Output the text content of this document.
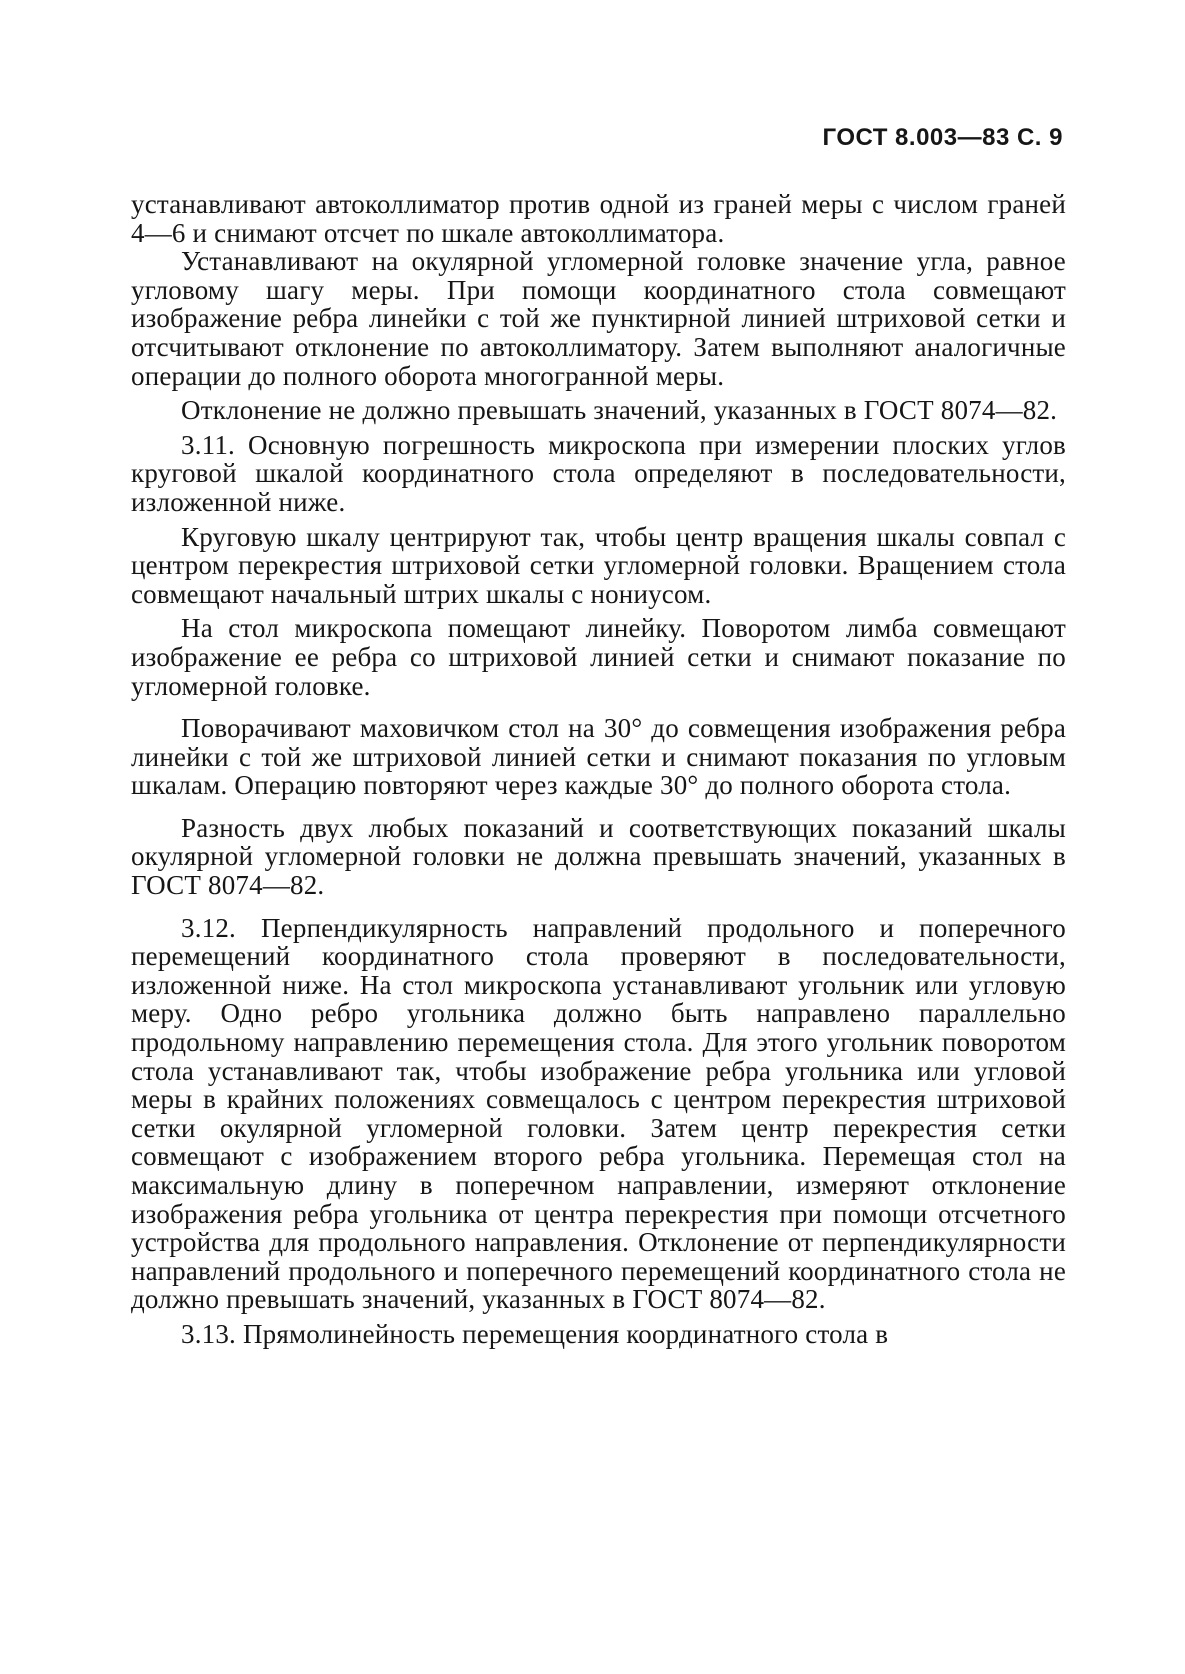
ГОСТ 8.003—83 С. 9

устанавливают автоколлиматор против одной из граней меры с числом граней 4—6 и снимают отсчет по шкале автоколлиматора.

Устанавливают на окулярной угломерной головке значение угла, равное угловому шагу меры. При помощи координатного стола совмещают изображение ребра линейки с той же пунктирной линией штриховой сетки и отсчитывают отклонение по автоколлиматору. Затем выполняют аналогичные операции до полного оборота многогранной меры.

Отклонение не должно превышать значений, указанных в ГОСТ 8074—82.

3.11. Основную погрешность микроскопа при измерении плоских углов круговой шкалой координатного стола определяют в последовательности, изложенной ниже.

Круговую шкалу центрируют так, чтобы центр вращения шкалы совпал с центром перекрестия штриховой сетки угломерной головки. Вращением стола совмещают начальный штрих шкалы с нониусом.

На стол микроскопа помещают линейку. Поворотом лимба совмещают изображение ее ребра со штриховой линией сетки и снимают показание по угломерной головке.

Поворачивают маховичком стол на 30° до совмещения изображения ребра линейки с той же штриховой линией сетки и снимают показания по угловым шкалам. Операцию повторяют через каждые 30° до полного оборота стола.

Разность двух любых показаний и соответствующих показаний шкалы окулярной угломерной головки не должна превышать значений, указанных в ГОСТ 8074—82.

3.12. Перпендикулярность направлений продольного и поперечного перемещений координатного стола проверяют в последовательности, изложенной ниже. На стол микроскопа устанавливают угольник или угловую меру. Одно ребро угольника должно быть направлено параллельно продольному направлению перемещения стола. Для этого угольник поворотом стола устанавливают так, чтобы изображение ребра угольника или угловой меры в крайних положениях совмещалось с центром перекрестия штриховой сетки окулярной угломерной головки. Затем центр перекрестия сетки совмещают с изображением второго ребра угольника. Перемещая стол на максимальную длину в поперечном направлении, измеряют отклонение изображения ребра угольника от центра перекрестия при помощи отсчетного устройства для продольного направления. Отклонение от перпендикулярности направлений продольного и поперечного перемещений координатного стола не должно превышать значений, указанных в ГОСТ 8074—82.

3.13. Прямолинейность перемещения координатного стола в
